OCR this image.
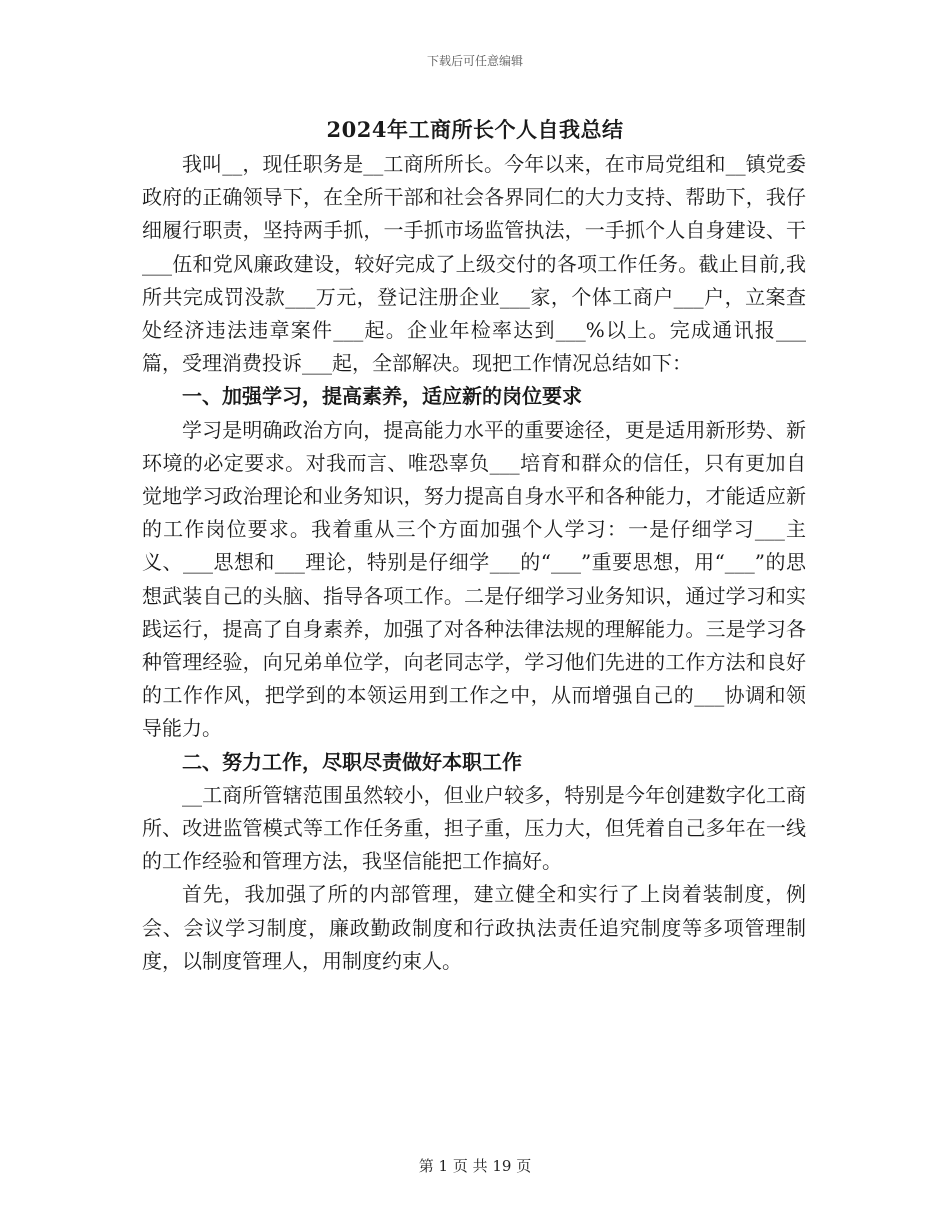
下载后可任意编辑
2024年工商所长个人自我总结

我叫__，现任职务是__工商所所长。今年以来，在市局党组和__镇党委政府的正确领导下，在全所干部和社会各界同仁的大力支持、帮助下，我仔细履行职责，坚持两手抓，一手抓市场监管执法，一手抓个人自身建设、干___伍和党风廉政建设，较好完成了上级交付的各项工作任务。截止目前,我所共完成罚没款___万元，登记注册企业___家，个体工商户___户，立案查处经济违法违章案件___起。企业年检率达到___%以上。完成通讯报___篇，受理消费投诉___起，全部解决。现把工作情况总结如下：

一、加强学习，提高素养，适应新的岗位要求

学习是明确政治方向，提高能力水平的重要途径，更是适用新形势、新环境的必定要求。对我而言、唯恐辜负___培育和群众的信任，只有更加自觉地学习政治理论和业务知识，努力提高自身水平和各种能力，才能适应新的工作岗位要求。我着重从三个方面加强个人学习：一是仔细学习___主义、___思想和___理论，特别是仔细学___的“___”重要思想，用“___”的思想武装自己的头脑、指导各项工作。二是仔细学习业务知识，通过学习和实践运行，提高了自身素养，加强了对各种法律法规的理解能力。三是学习各种管理经验，向兄弟单位学，向老同志学，学习他们先进的工作方法和良好的工作作风，把学到的本领运用到工作之中，从而增强自己的___协调和领导能力。

二、努力工作，尽职尽责做好本职工作

__工商所管辖范围虽然较小，但业户较多，特别是今年创建数字化工商所、改进监管模式等工作任务重，担子重，压力大，但凭着自己多年在一线的工作经验和管理方法，我坚信能把工作搞好。

首先，我加强了所的内部管理，建立健全和实行了上岗着装制度，例会、会议学习制度，廉政勤政制度和行政执法责任追究制度等多项管理制度，以制度管理人，用制度约束人。

第 1 页 共 19 页
